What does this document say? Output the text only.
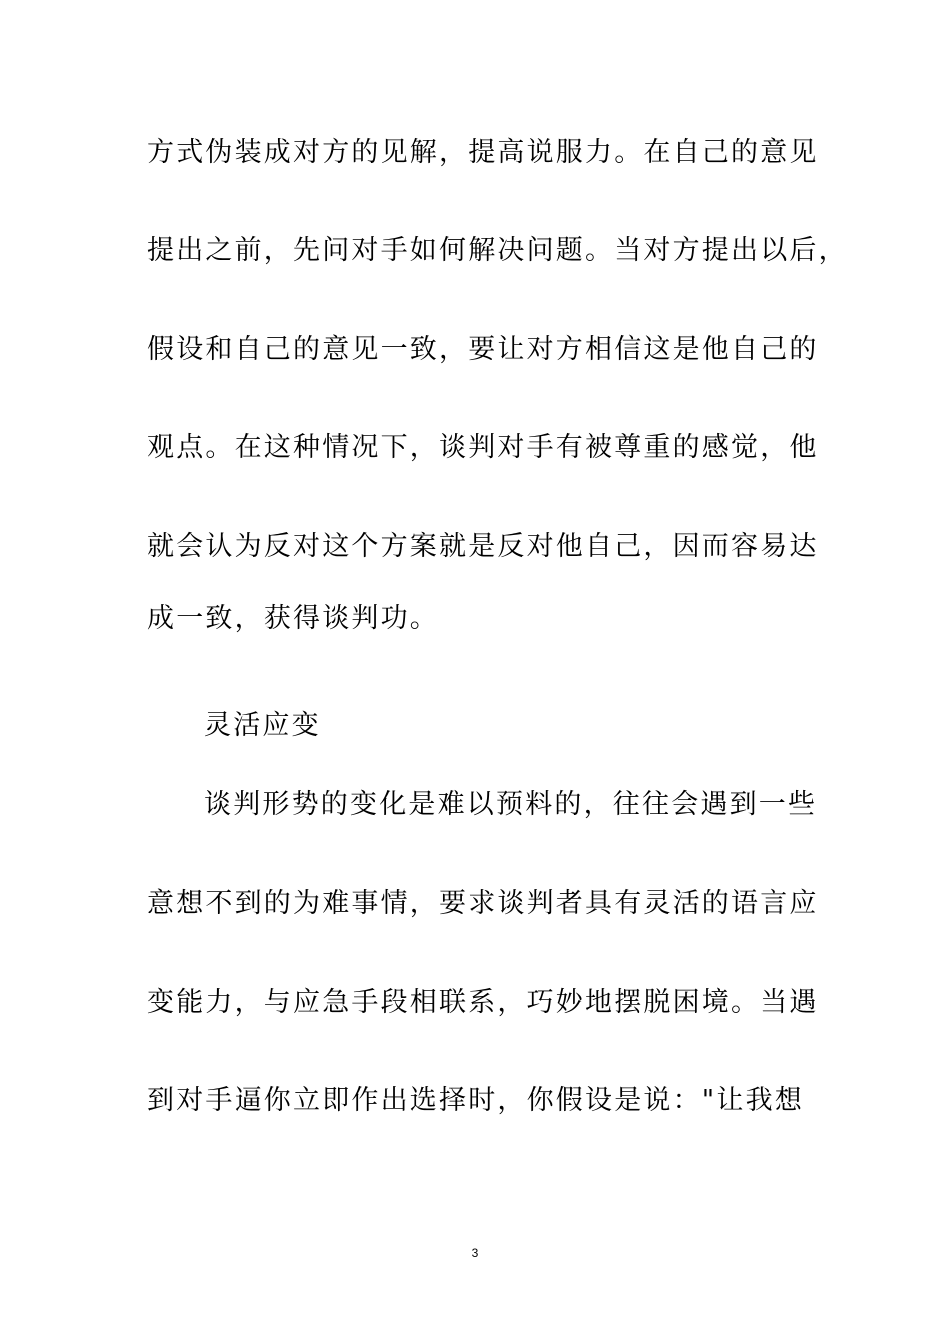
方式伪装成对方的见解，提高说服力。在自己的意见
提出之前，先问对手如何解决问题。当对方提出以后，
假设和自己的意见一致，要让对方相信这是他自己的
观点。在这种情况下，谈判对手有被尊重的感觉，他
就会认为反对这个方案就是反对他自己，因而容易达
成一致，获得谈判功。
灵活应变
谈判形势的变化是难以预料的，往往会遇到一些
意想不到的为难事情，要求谈判者具有灵活的语言应
变能力，与应急手段相联系，巧妙地摆脱困境。当遇
到对手逼你立即作出选择时，你假设是说："让我想
3
